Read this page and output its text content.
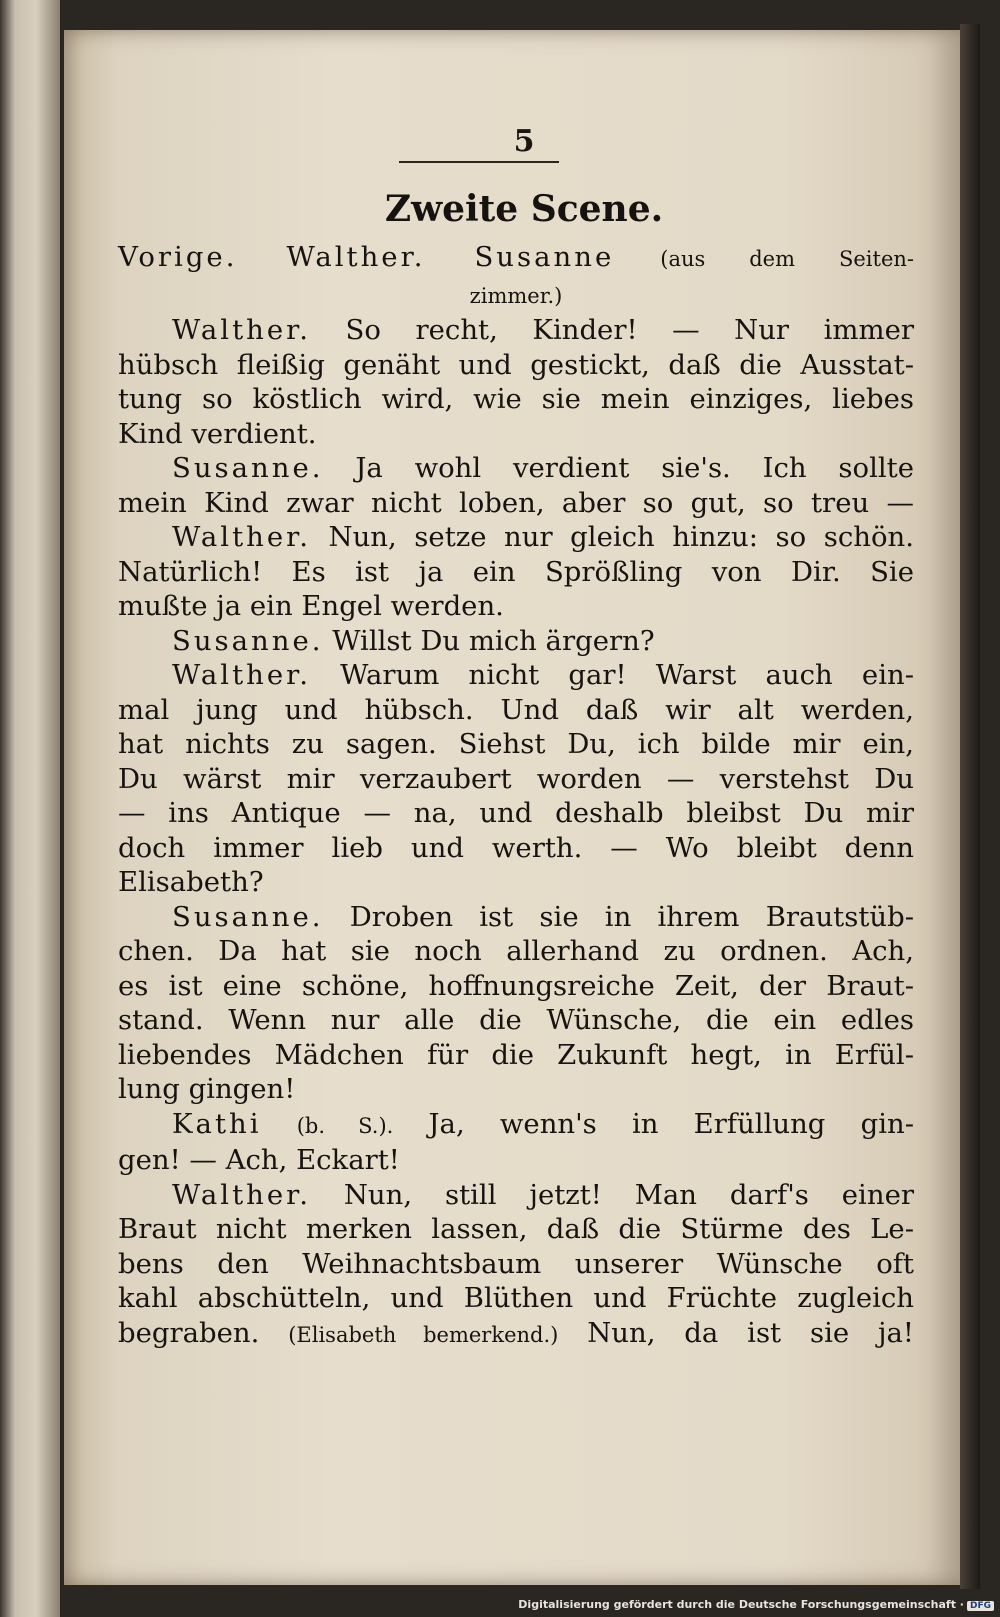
5
Zweite Scene.

Vorige. Walther. Susanne (aus dem Seiten-

zimmer.)

Walther. So recht, Kinder! — Nur immer

hübsch fleißig genäht und gestickt, daß die Ausstat-

tung so köstlich wird, wie sie mein einziges, liebes

Kind verdient.

Susanne. Ja wohl verdient sie's. Ich sollte

mein Kind zwar nicht loben, aber so gut, so treu —

Walther. Nun, setze nur gleich hinzu: so schön.

Natürlich! Es ist ja ein Sprößling von Dir. Sie

mußte ja ein Engel werden.

Susanne. Willst Du mich ärgern?

Walther. Warum nicht gar! Warst auch ein-

mal jung und hübsch. Und daß wir alt werden,

hat nichts zu sagen. Siehst Du, ich bilde mir ein,

Du wärst mir verzaubert worden — verstehst Du

— ins Antique — na, und deshalb bleibst Du mir

doch immer lieb und werth. — Wo bleibt denn

Elisabeth?

Susanne. Droben ist sie in ihrem Brautstüb-

chen. Da hat sie noch allerhand zu ordnen. Ach,

es ist eine schöne, hoffnungsreiche Zeit, der Braut-

stand. Wenn nur alle die Wünsche, die ein edles

liebendes Mädchen für die Zukunft hegt, in Erfül-

lung gingen!

Kathi (b. S.). Ja, wenn's in Erfüllung gin-

gen! — Ach, Eckart!

Walther. Nun, still jetzt! Man darf's einer

Braut nicht merken lassen, daß die Stürme des Le-

bens den Weihnachtsbaum unserer Wünsche oft

kahl abschütteln, und Blüthen und Früchte zugleich

begraben. (Elisabeth bemerkend.) Nun, da ist sie ja!

Digitalisierung gefördert durch die Deutsche Forschungsgemeinschaft · DFG
